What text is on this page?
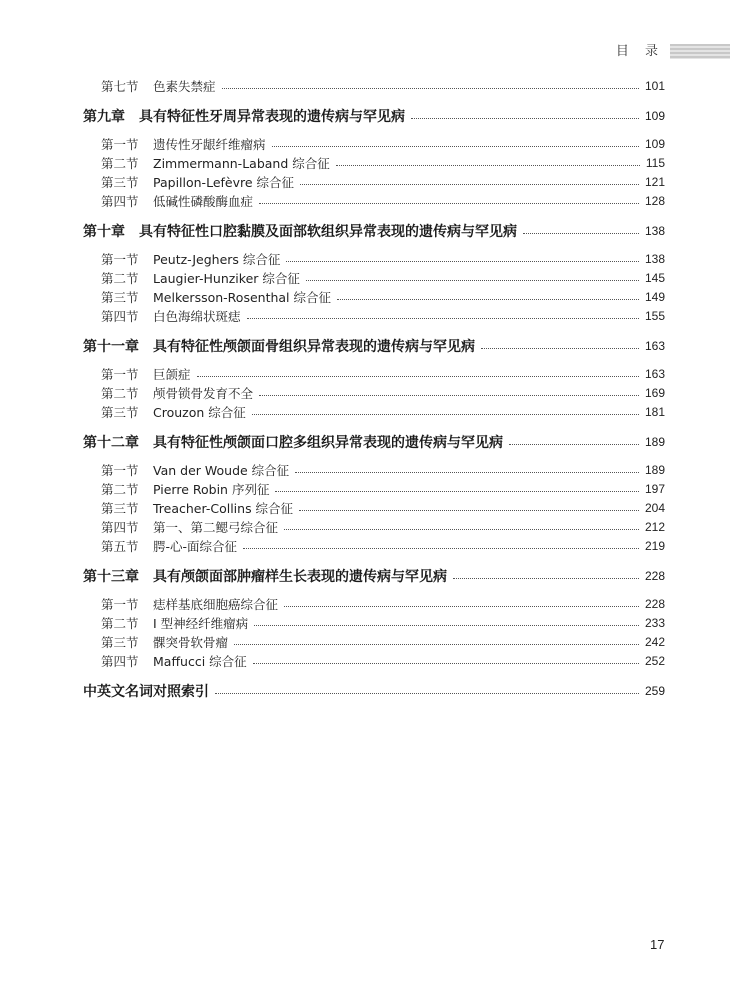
目 录
第七节	色素失禁症	101
第九章 具有特征性牙周异常表现的遗传病与罕见病	109
第一节	遗传性牙龈纤维瘤病	109
第二节	Zimmermann-Laband 综合征	115
第三节	Papillon-Lefèvre 综合征	121
第四节	低碱性磷酸酶血症	128
第十章 具有特征性口腔黏膜及面部软组织异常表现的遗传病与罕见病	138
第一节	Peutz-Jeghers 综合征	138
第二节	Laugier-Hunziker 综合征	145
第三节	Melkersson-Rosenthal 综合征	149
第四节	白色海绵状斑痣	155
第十一章 具有特征性颅颌面骨组织异常表现的遗传病与罕见病	163
第一节	巨颌症	163
第二节	颅骨锁骨发育不全	169
第三节	Crouzon 综合征	181
第十二章 具有特征性颅颌面口腔多组织异常表现的遗传病与罕见病	189
第一节	Van der Woude 综合征	189
第二节	Pierre Robin 序列征	197
第三节	Treacher-Collins 综合征	204
第四节	第一、第二鳃弓综合征	212
第五节	腭-心-面综合征	219
第十三章 具有颅颌面部肿瘤样生长表现的遗传病与罕见病	228
第一节	痣样基底细胞癌综合征	228
第二节	I 型神经纤维瘤病	233
第三节	髁突骨软骨瘤	242
第四节	Maffucci 综合征	252
中英文名词对照索引	259
17
